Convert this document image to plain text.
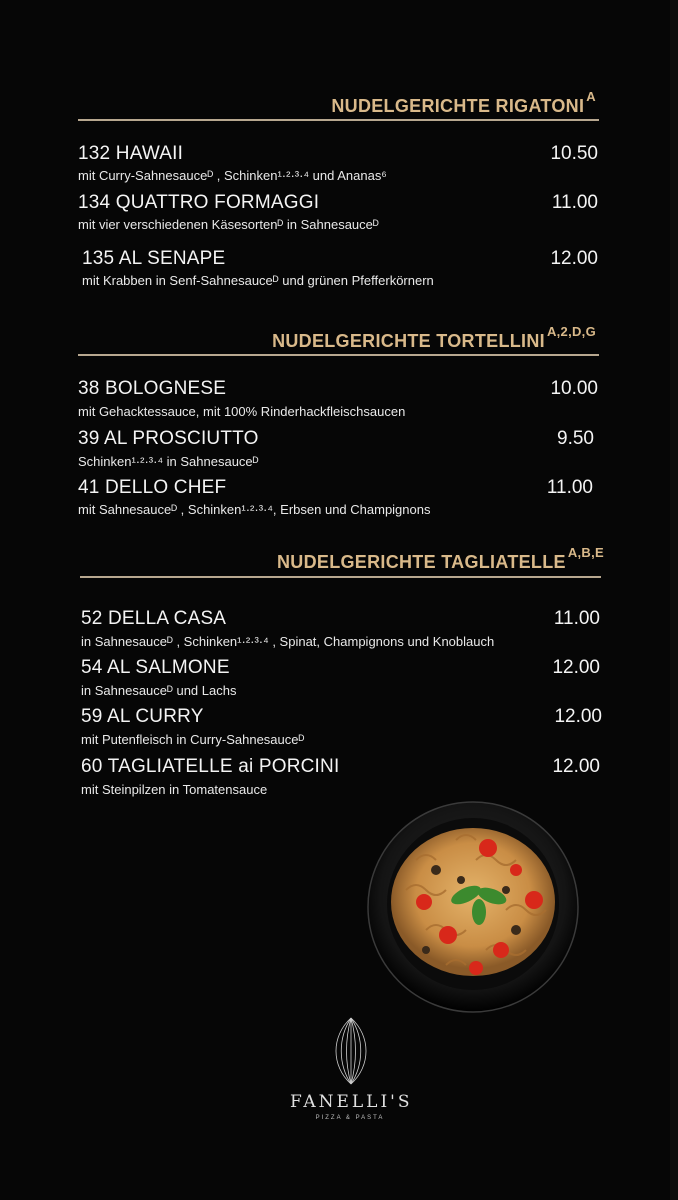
NUDELGERICHTE RIGATONI $^A$
132 HAWAII	10.50
mit Curry-Sahnesauceᴰ , Schinken¹·²·³·⁴ und Ananas⁶
134 QUATTRO FORMAGGI	11.00
mit vier verschiedenen Käsesortenᴰ in Sahnesauceᴰ
135 AL SENAPE	12.00
mit Krabben in Senf-Sahnesauceᴰ und grünen Pfefferkörnern
NUDELGERICHTE TORTELLINI $^{A,2,D,G}$
38 BOLOGNESE	10.00
mit Gehacktessauce, mit 100% Rinderhackfleischsaucen
39 AL PROSCIUTTO	9.50
Schinken¹·²·³·⁴ in Sahnesauceᴰ
41 DELLO CHEF	11.00
mit Sahnesauceᴰ , Schinken¹·²·³·⁴, Erbsen und Champignons
NUDELGERICHTE TAGLIATELLE $^{A,B,E}$
52 DELLA CASA	11.00
in Sahnesauceᴰ , Schinken¹·²·³·⁴ , Spinat, Champignons und Knoblauch
54 AL SALMONE	12.00
in Sahnesauceᴰ und Lachs
59 AL CURRY	12.00
mit Putenfleisch in Curry-Sahnesauceᴰ
60 TAGLIATELLE ai PORCINI	12.00
mit Steinpilzen in Tomatensauce
FANELLI'S
PIZZA & PASTA
